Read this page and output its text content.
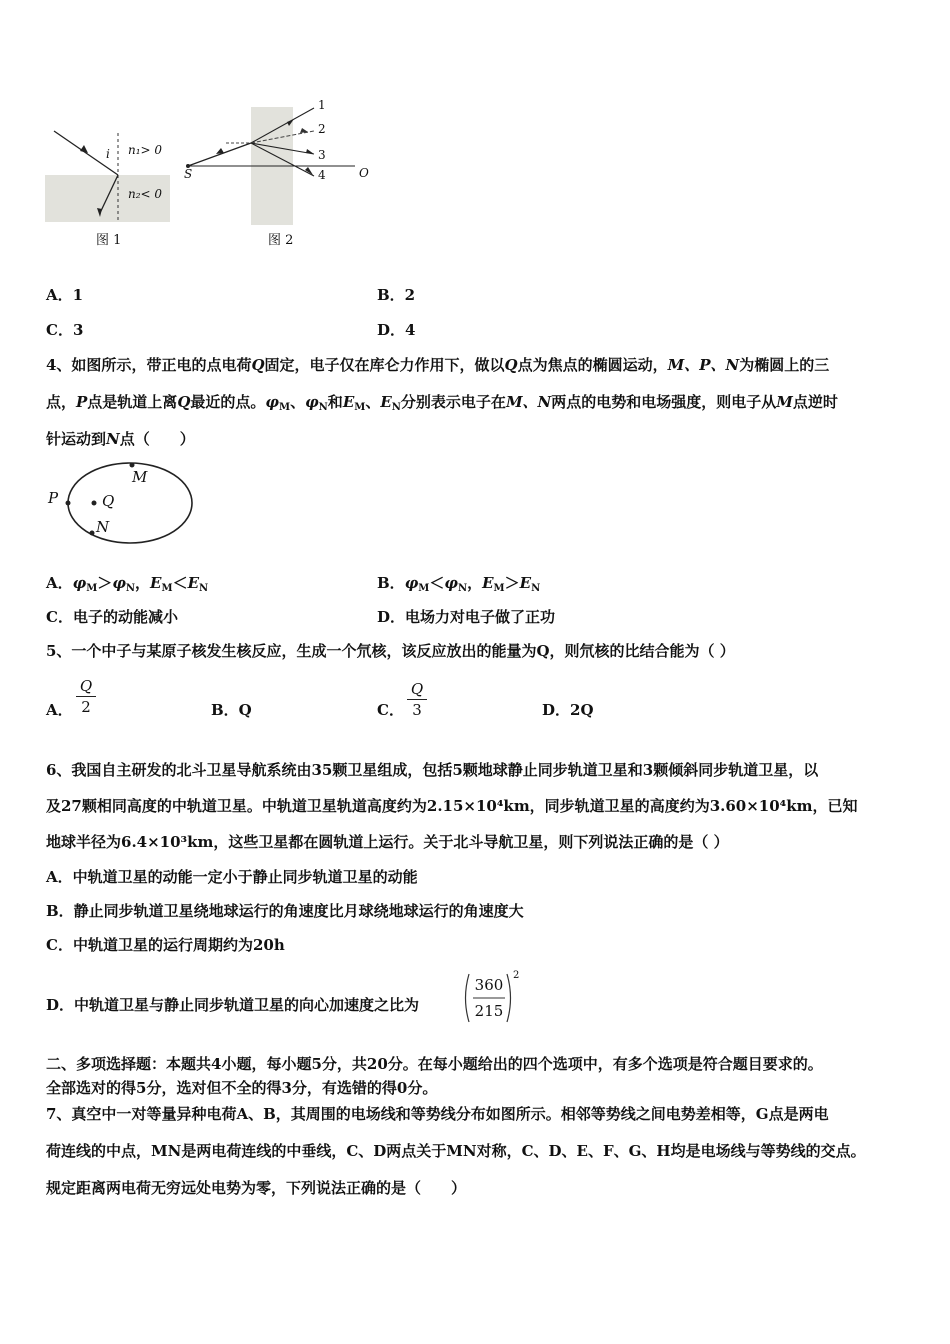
i n₁> 0
n₂< 0
图 1
1
2
3
4
S	O
图 2
A．1	B．2
C．3	D．4
4、如图所示，带正电的点电荷Q固定，电子仅在库仑力作用下，做以Q点为焦点的椭圆运动，M、P、N为椭圆上的三
点，P点是轨道上离Q最近的点。$\varphi_M$、$\varphi_N$和$E_M$、$E_N$分别表示电子在M、N两点的电势和电场强度，则电子从M点逆时
针运动到N点（　　）
P	Q
M
N
A．$\varphi_M>\varphi_N$，$E_M<E_N$	B．$\varphi_M<\varphi_N$，$E_M>E_N$
C．电子的动能减小	D．电场力对电子做了正功
5、一个中子与某原子核发生核反应，生成一个氘核，该反应放出的能量为Q，则氘核的比结合能为（ ）
A．
Q
2	B．Q	C．
Q
3	D．2Q
6、我国自主研发的北斗卫星导航系统由35颗卫星组成，包括5颗地球静止同步轨道卫星和3颗倾斜同步轨道卫星，以
及27颗相同高度的中轨道卫星。中轨道卫星轨道高度约为2.15×10⁴km，同步轨道卫星的高度约为3.60×10⁴km，已知
地球半径为6.4×10³km，这些卫星都在圆轨道上运行。关于北斗导航卫星，则下列说法正确的是（ ）
A．中轨道卫星的动能一定小于静止同步轨道卫星的动能
B．静止同步轨道卫星绕地球运行的角速度比月球绕地球运行的角速度大
C．中轨道卫星的运行周期约为20h
D．中轨道卫星与静止同步轨道卫星的向心加速度之比为
360
215
2
二、多项选择题：本题共4小题，每小题5分，共20分。在每小题给出的四个选项中，有多个选项是符合题目要求的。
全部选对的得5分，选对但不全的得3分，有选错的得0分。
7、真空中一对等量异种电荷A、B，其周围的电场线和等势线分布如图所示。相邻等势线之间电势差相等，G点是两电
荷连线的中点，MN是两电荷连线的中垂线，C、D两点关于MN对称，C、D、E、F、G、H均是电场线与等势线的交点。
规定距离两电荷无穷远处电势为零，下列说法正确的是（　　）
